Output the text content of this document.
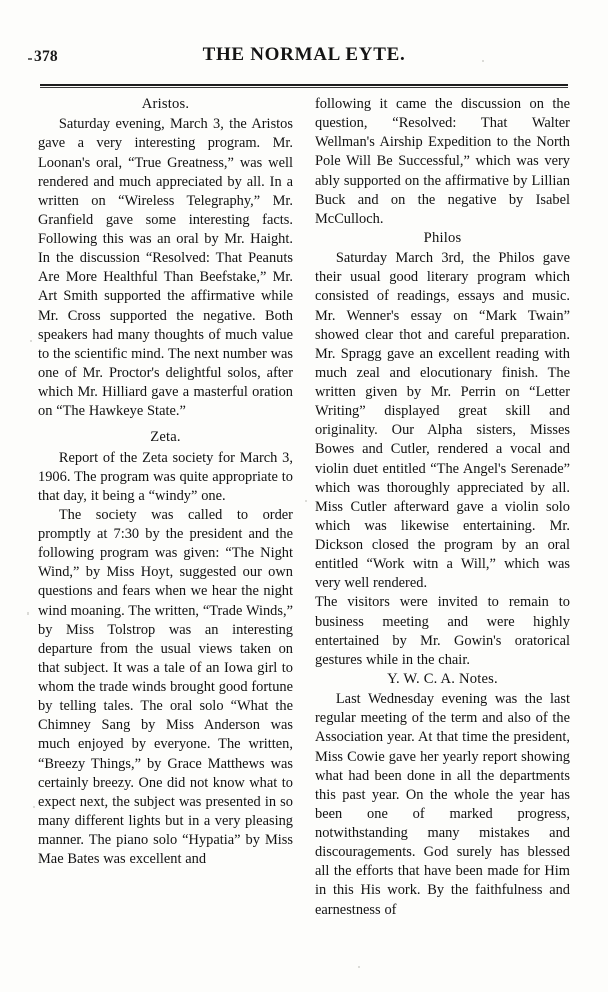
378	THE NORMAL EYTE.
Aristos.

Saturday evening, March 3, the Aristos gave a very interesting program. Mr. Loonan's oral, “True Greatness,” was well rendered and much appreciated by all. In a written on “Wireless Telegraphy,” Mr. Granfield gave some interesting facts. Following this was an oral by Mr. Haight. In the discussion “Resolved: That Peanuts Are More Healthful Than Beefstake,” Mr. Art Smith supported the affirmative while Mr. Cross supported the negative. Both speakers had many thoughts of much value to the scientific mind. The next number was one of Mr. Proctor's delightful solos, after which Mr. Hilliard gave a masterful oration on “The Hawkeye State.”

Zeta.

Report of the Zeta society for March 3, 1906. The program was quite appropriate to that day, it being a “windy” one.

The society was called to order promptly at 7:30 by the president and the following program was given: “The Night Wind,” by Miss Hoyt, suggested our own questions and fears when we hear the night wind moaning. The written, “Trade Winds,” by Miss Tolstrop was an interesting departure from the usual views taken on that subject. It was a tale of an Iowa girl to whom the trade winds brought good fortune by telling tales. The oral solo “What the Chimney Sang by Miss Anderson was much enjoyed by everyone. The written, “Breezy Things,” by Grace Matthews was certainly breezy. One did not know what to expect next, the subject was presented in so many different lights but in a very pleasing manner. The piano solo “Hypatia” by Miss Mae Bates was excellent and

following it came the discussion on the question, “Resolved: That Walter Wellman's Airship Expedition to the North Pole Will Be Successful,” which was very ably supported on the affirmative by Lillian Buck and on the negative by Isabel McCulloch.

Philos

Saturday March 3rd, the Philos gave their usual good literary program which consisted of readings, essays and music. Mr. Wenner's essay on “Mark Twain” showed clear thot and careful preparation. Mr. Spragg gave an excellent reading with much zeal and elocutionary finish. The written given by Mr. Perrin on “Letter Writing” displayed great skill and originality. Our Alpha sisters, Misses Bowes and Cutler, rendered a vocal and violin duet entitled “The Angel's Serenade” which was thoroughly appreciated by all. Miss Cutler afterward gave a violin solo which was likewise entertaining. Mr. Dickson closed the program by an oral entitled “Work witn a Will,” which was very well rendered.

The visitors were invited to remain to business meeting and were highly entertained by Mr. Gowin's oratorical gestures while in the chair.

Y. W. C. A. Notes.

Last Wednesday evening was the last regular meeting of the term and also of the Association year. At that time the president, Miss Cowie gave her yearly report showing what had been done in all the departments this past year. On the whole the year has been one of marked progress, notwithstanding many mistakes and discouragements. God surely has blessed all the efforts that have been made for Him in this His work. By the faithfulness and earnestness of
